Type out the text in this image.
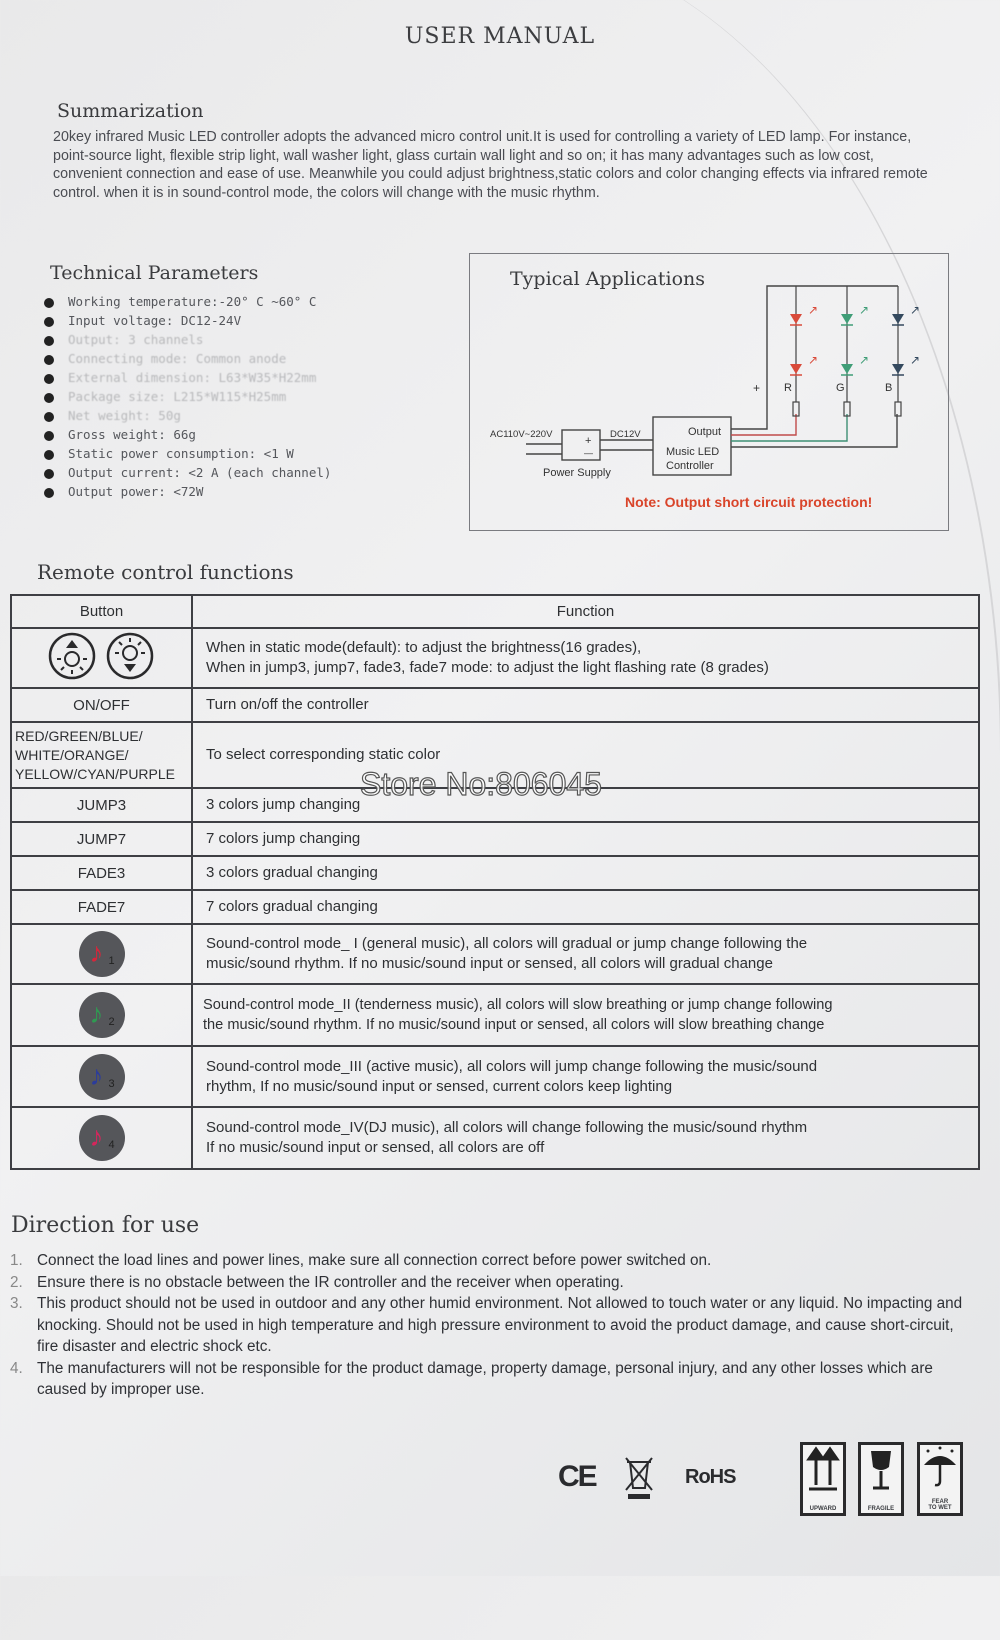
USER MANUAL
Summarization
20key infrared Music LED controller adopts the advanced micro control unit.It is used for controlling a variety of LED lamp. For instance, point-source light, flexible strip light, wall washer light, glass curtain wall light and so on; it has many advantages such as low cost, convenient connection and ease of use. Meanwhile you could adjust brightness,static colors and color changing effects via infrared remote control. when it is in sound-control mode, the colors will change with the music rhythm.
Technical Parameters
Working temperature:-20° C ~60° C
Input voltage: DC12-24V
Output: 3 channels
Connecting mode: Common anode
External dimension: L63*W35*H22mm
Package size: L215*W115*H25mm
Net weight: 50g
Gross weight: 66g
Static power consumption: <1 W
Output current: <2 A (each channel)
Output power: <72W
Typical Applications
AC110V~220V
+
—
Power Supply
DC12V	Output
Music LED
Controller
+ R	G	B
↗
↗
↗
↗
↗
↗
Note: Output short circuit protection!
Remote control functions
Button	Function
	When in static mode(default): to adjust the brightness(16 grades),
When in jump3, jump7, fade3, fade7 mode: to adjust the light flashing rate (8 grades)
ON/OFF	Turn on/off the controller
RED/GREEN/BLUE/
WHITE/ORANGE/
YELLOW/CYAN/PURPLE	To select corresponding static color
JUMP3	3 colors jump changing
JUMP7	7 colors jump changing
FADE3	3 colors gradual changing
FADE7	7 colors gradual changing

♪ 1	Sound-control mode_ I (general music), all colors will gradual or jump change following the
music/sound rhythm. If no music/sound input or sensed, all colors will gradual change

♪ 2	Sound-control mode_II (tenderness music), all colors will slow breathing or jump change following
the music/sound rhythm. If no music/sound input or sensed, all colors will slow breathing change

♪ 3	Sound-control mode_III (active music), all colors will jump change following the music/sound
rhythm, If no music/sound input or sensed, current colors keep lighting

♪ 4	Sound-control mode_IV(DJ music), all colors will change following the music/sound rhythm
If no music/sound input or sensed, all colors are off
Store No:806045
Direction for use
1. Connect the load lines and power lines, make sure all connection correct before power switched on.
2. Ensure there is no obstacle between the IR controller and the receiver when operating.
3. This product should not be used in outdoor and any other humid environment. Not allowed to touch water or any liquid. No impacting and knocking. Should not be used in high temperature and high pressure environment to avoid the product damage, and cause short-circuit, fire disaster and electric shock etc.
4. The manufacturers will not be responsible for the product damage, property damage, personal injury, and any other losses which are caused by improper use.
CE	RoHS
UPWARD	FRAGILE
FEAR
TO WET
